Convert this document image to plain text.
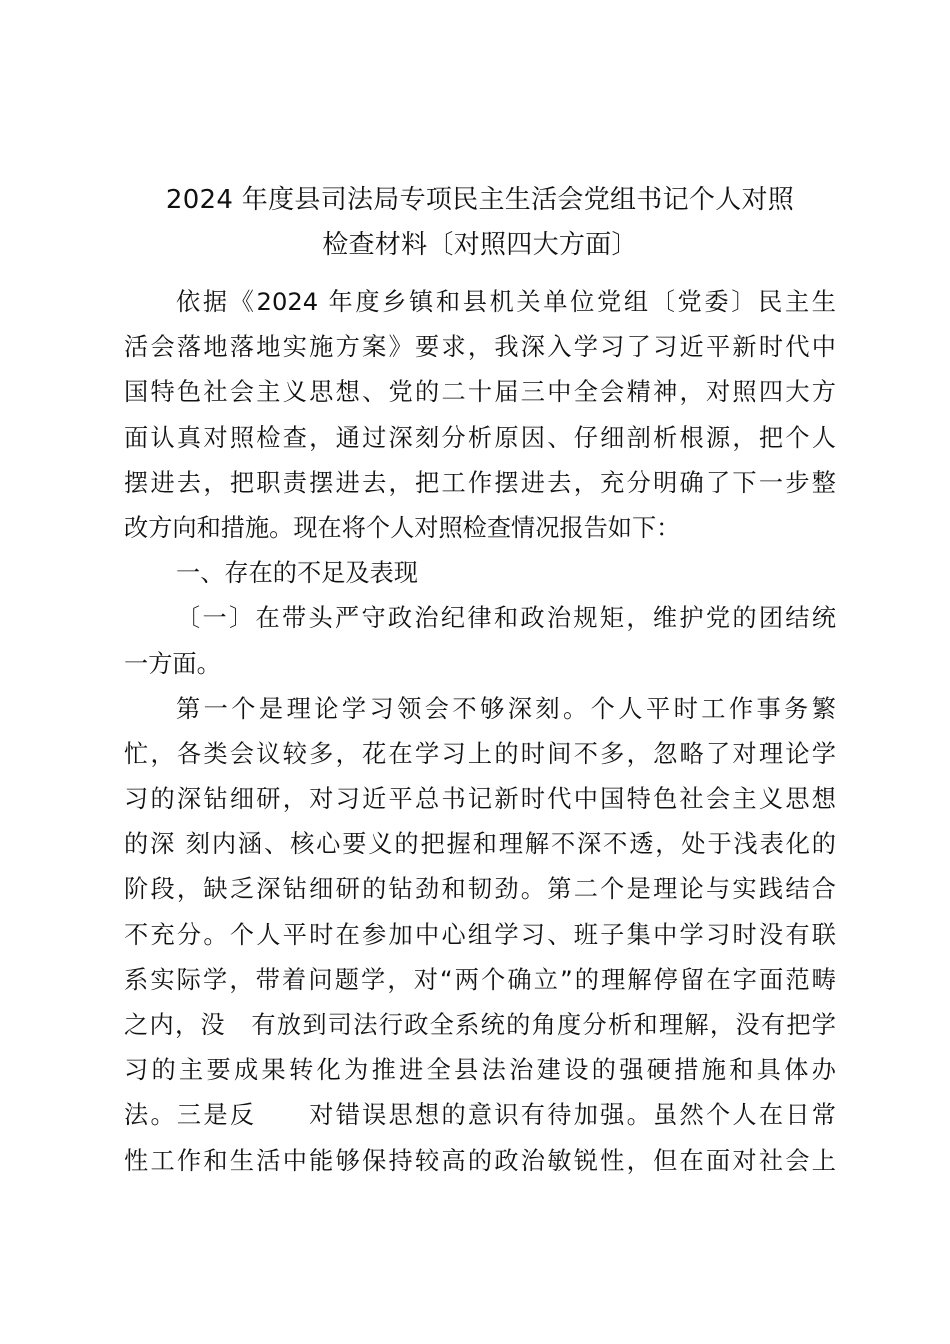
2024 年度县司法局专项民主生活会党组书记个人对照
检查材料〔对照四大方面〕
依据《2024 年度乡镇和县机关单位党组〔党委〕民主生
活会落地落地实施方案》要求，我深入学习了习近平新时代中
国特色社会主义思想、党的二十届三中全会精神，对照四大方
面认真对照检查，通过深刻分析原因、仔细剖析根源，把个人
摆进去，把职责摆进去，把工作摆进去，充分明确了下一步整
改方向和措施。现在将个人对照检查情况报告如下：
一、存在的不足及表现
〔一〕在带头严守政治纪律和政治规矩，维护党的团结统
一方面。
第一个是理论学习领会不够深刻。个人平时工作事务繁
忙，各类会议较多，花在学习上的时间不多，忽略了对理论学
习的深钻细研，对习近平总书记新时代中国特色社会主义思想
的深 刻内涵、核心要义的把握和理解不深不透，处于浅表化的
阶段，缺乏深钻细研的钻劲和韧劲。第二个是理论与实践结合
不充分。个人平时在参加中心组学习、班子集中学习时没有联
系实际学，带着问题学，对“两个确立”的理解停留在字面范畴
之内，没　有放到司法行政全系统的角度分析和理解，没有把学
习的主要成果转化为推进全县法治建设的强硬措施和具体办
法。三是反　　对错误思想的意识有待加强。虽然个人在日常
性工作和生活中能够保持较高的政治敏锐性，但在面对社会上
